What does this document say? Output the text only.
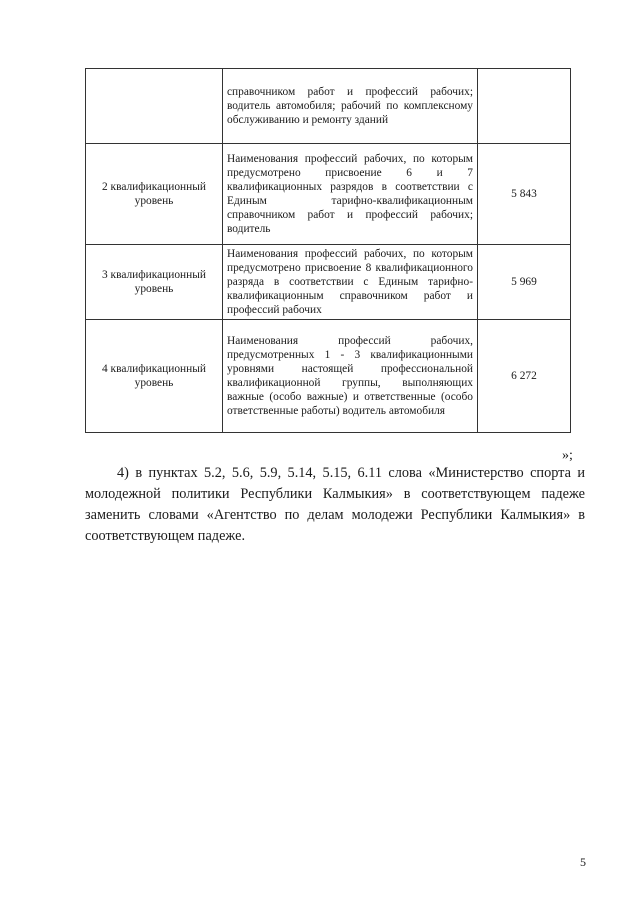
	справочником работ и профессий рабочих; водитель автомобиля; рабочий по комплексному обслуживанию и ремонту зданий	
2 квалификационный уровень	Наименования профессий рабочих, по которым предусмотрено присвоение 6 и 7 квалификационных разрядов в соответствии с Единым тарифно-квалификационным справочником работ и профессий рабочих; водитель	5 843
3 квалификационный уровень	Наименования профессий рабочих, по которым предусмотрено присвоение 8 квалификационного разряда в соответствии с Единым тарифно-квалификационным справочником работ и профессий рабочих	5 969
4 квалификационный уровень	Наименования профессий рабочих, предусмотренных 1 - 3 квалификационными уровнями настоящей профессиональной квалификационной группы, выполняющих важные (особо важные) и ответственные (особо ответственные работы) водитель автомобиля	6 272
»;

4) в пунктах 5.2, 5.6, 5.9, 5.14, 5.15, 6.11 слова «Министерство спорта и молодежной политики Республики Калмыкия» в соответствующем падеже заменить словами «Агентство по делам молодежи Республики Калмыкия» в соответствующем падеже.

5
